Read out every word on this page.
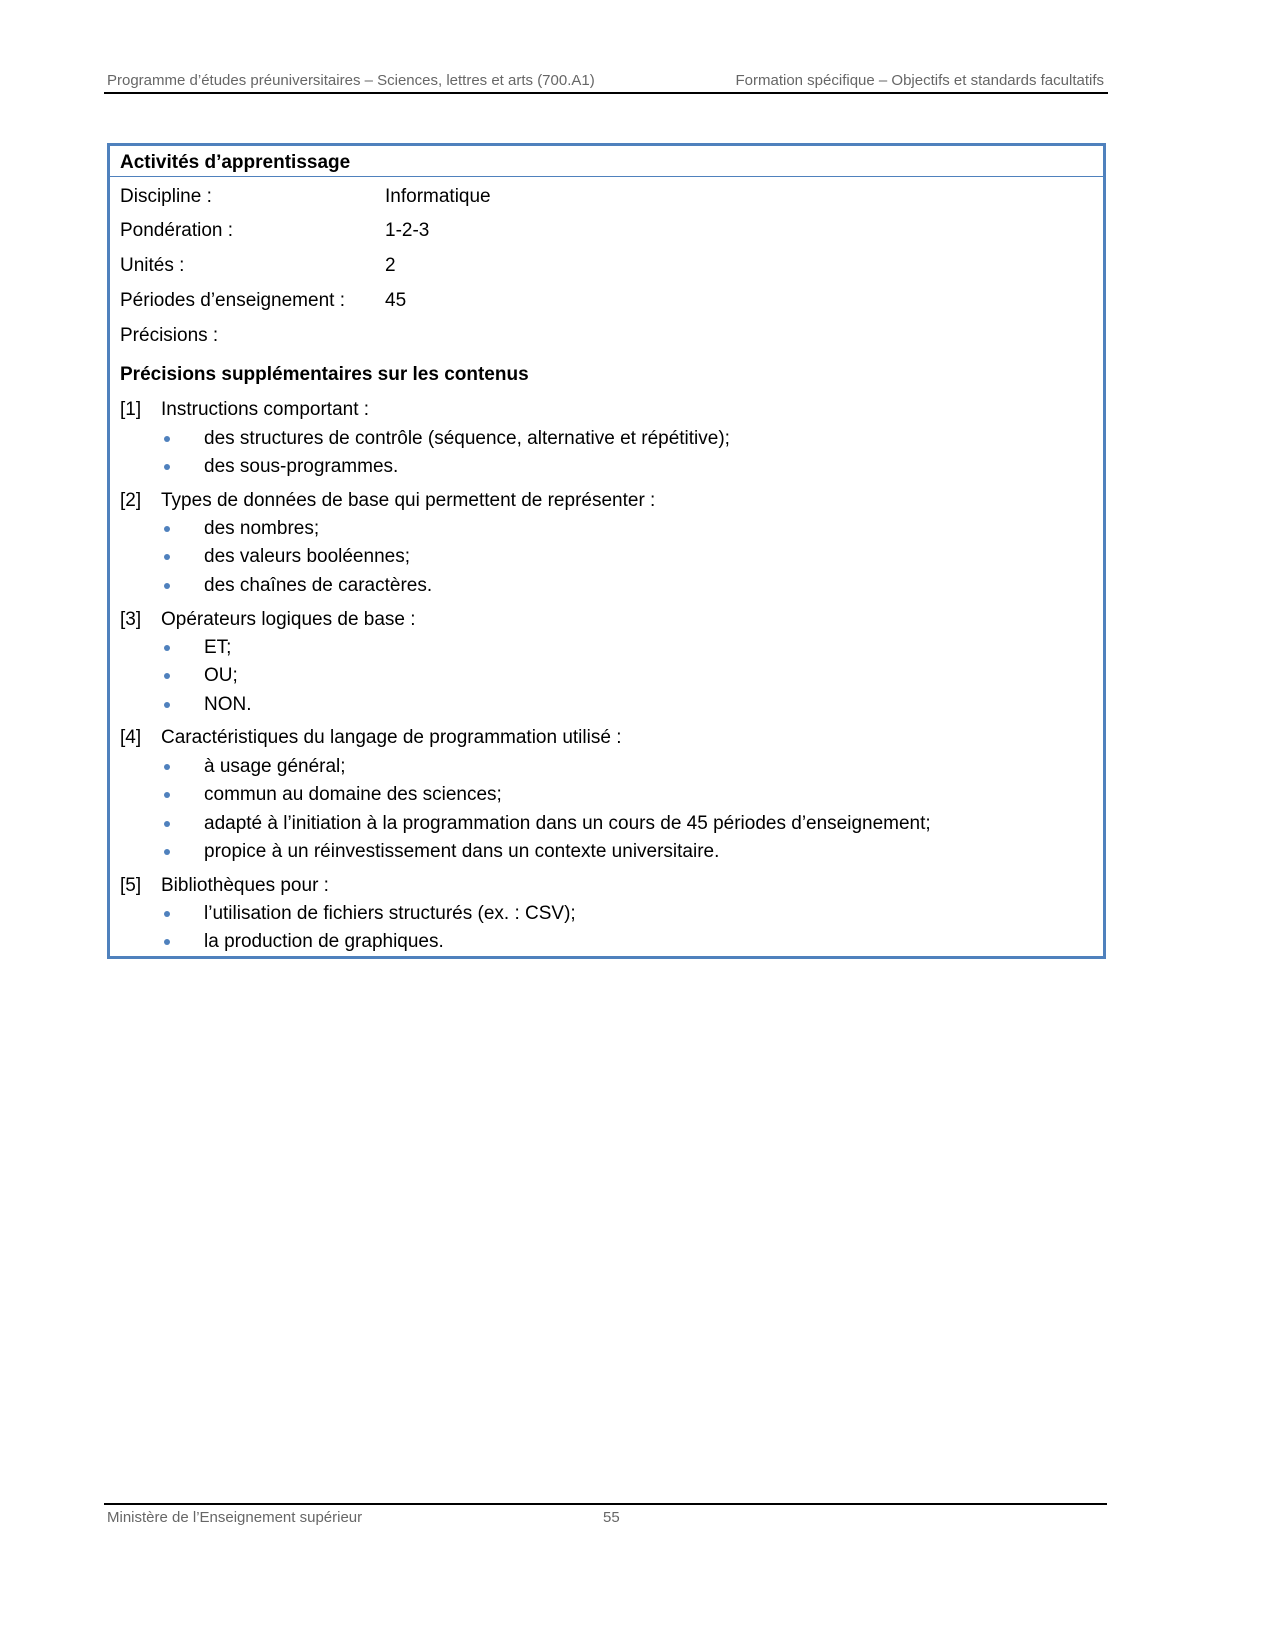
Programme d’études préuniversitaires – Sciences, lettres et arts (700.A1)	Formation spécifique – Objectifs et standards facultatifs
Activités d’apprentissage
Discipline :	Informatique
Pondération :	1-2-3
Unités :	2
Périodes d’enseignement : 45
Précisions :
Précisions supplémentaires sur les contenus
[1] Instructions comportant :
des structures de contrôle (séquence, alternative et répétitive);
des sous-programmes.
[2] Types de données de base qui permettent de représenter :
des nombres;
des valeurs booléennes;
des chaînes de caractères.
[3] Opérateurs logiques de base :
ET;
OU;
NON.
[4] Caractéristiques du langage de programmation utilisé :
à usage général;
commun au domaine des sciences;
adapté à l’initiation à la programmation dans un cours de 45 périodes d’enseignement;
propice à un réinvestissement dans un contexte universitaire.
[5] Bibliothèques pour :
l’utilisation de fichiers structurés (ex. : CSV);
la production de graphiques.
Ministère de l’Enseignement supérieur	55
